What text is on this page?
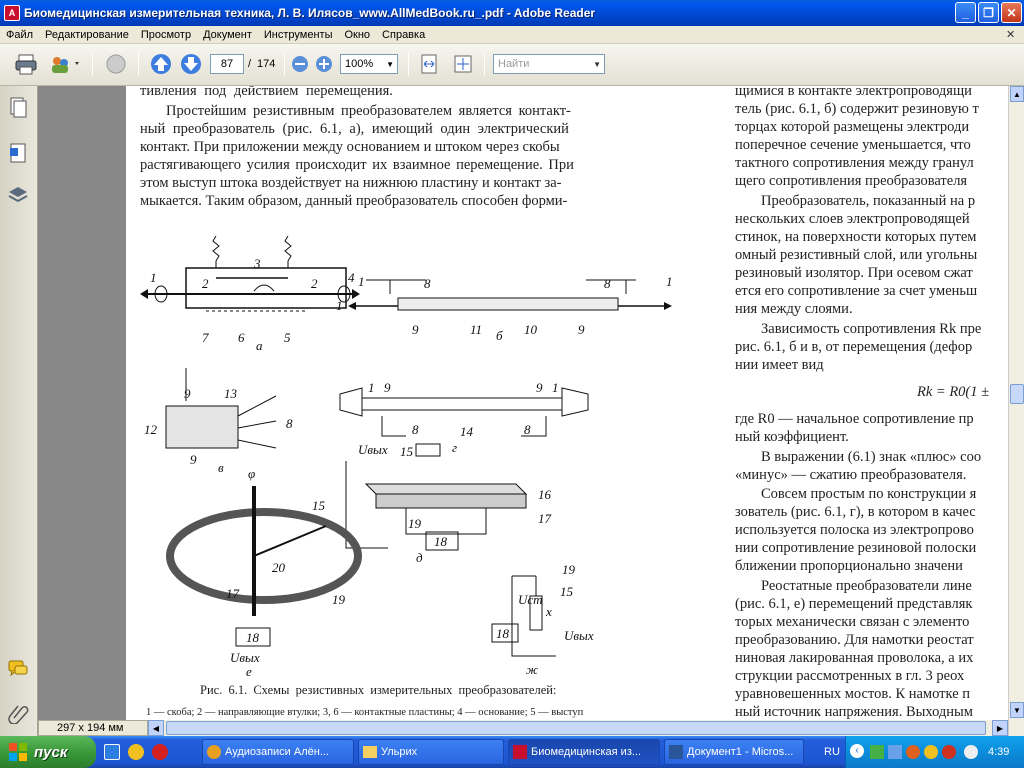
A Биомедицинская измерительная техника, Л. В. Илясов_www.AllMedBook.ru_.pdf - Adobe Reader	_	❐	✕
Файл	Редактирование	Просмотр	Документ	Инструменты	Окно	Справка	✕
87	/ 174	100% ▼	Найти	▼
тивления под действием перемещения.
Простейшим резистивным преобразователем является контакт-
ный преобразователь (рис. 6.1, а), имеющий один электрический
контакт. При приложении между основанием и штоком через скобы
растягивающего усилия происходит их взаимное перемещение. При
этом выступ штока воздействует на нижнюю пластину и контакт за-
мыкается. Таким образом, данный преобразователь способен форми-
1	2
3
2 4
1
7 6
а
5
1	8	8	1
9	11 б 10	9
9	13
12	8
9
в
1 9	9 1
8	14	8
г
Uвых 15
16
17
19
18
д
φ
15
20
17	19
18
Uвых
е
19
15
18
Uст
x
Uвых
ж
Рис. 6.1. Схемы резистивных измерительных преобразователей:
1 — скоба; 2 — направляющие втулки; 3, 6 — контактные пластины; 4 — основание; 5 — выступ
щимися в контакте электропроводящи
тель (рис. 6.1, б) содержит резиновую т
торцах которой размещены электроди
поперечное сечение уменьшается, что
тактного сопротивления между гранул
щего сопротивления преобразователя
Преобразователь, показанный на р
нескольких слоев электропроводящей
стинок, на поверхности которых путем
омный резистивный слой, или угольны
резиновый изолятор. При осевом сжат
ется его сопротивление за счет уменьш
ния между слоями.
Зависимость сопротивления Rk пре
рис. 6.1, б и в, от перемещения (дефор
нии имеет вид
Rk = R0(1 ±
где R0 — начальное сопротивление пр
ный коэффициент.
В выражении (6.1) знак «плюс» соо
«минус» — сжатию преобразователя.
Совсем простым по конструкции я
зователь (рис. 6.1, г), в котором в качес
используется полоска из электропрово
нии сопротивление резиновой полоски
ближении пропорционально значени
Реостатные преобразователи лине
(рис. 6.1, е) перемещений представляк
торых механически связан с элементо
преобразованию. Для намотки реостат
ниновая лакированная проволока, а их
струкции рассмотренных в гл. 3 реох
уравновешенных мостов. К намотке п
ный источник напряжения. Выходным
▲
▼
◀	▶
297 x 194 мм
пуск	Аудиозаписи Алён...	Ульрих	Биомедицинская из...	Документ1 - Micros...	RU	‹	4:39
